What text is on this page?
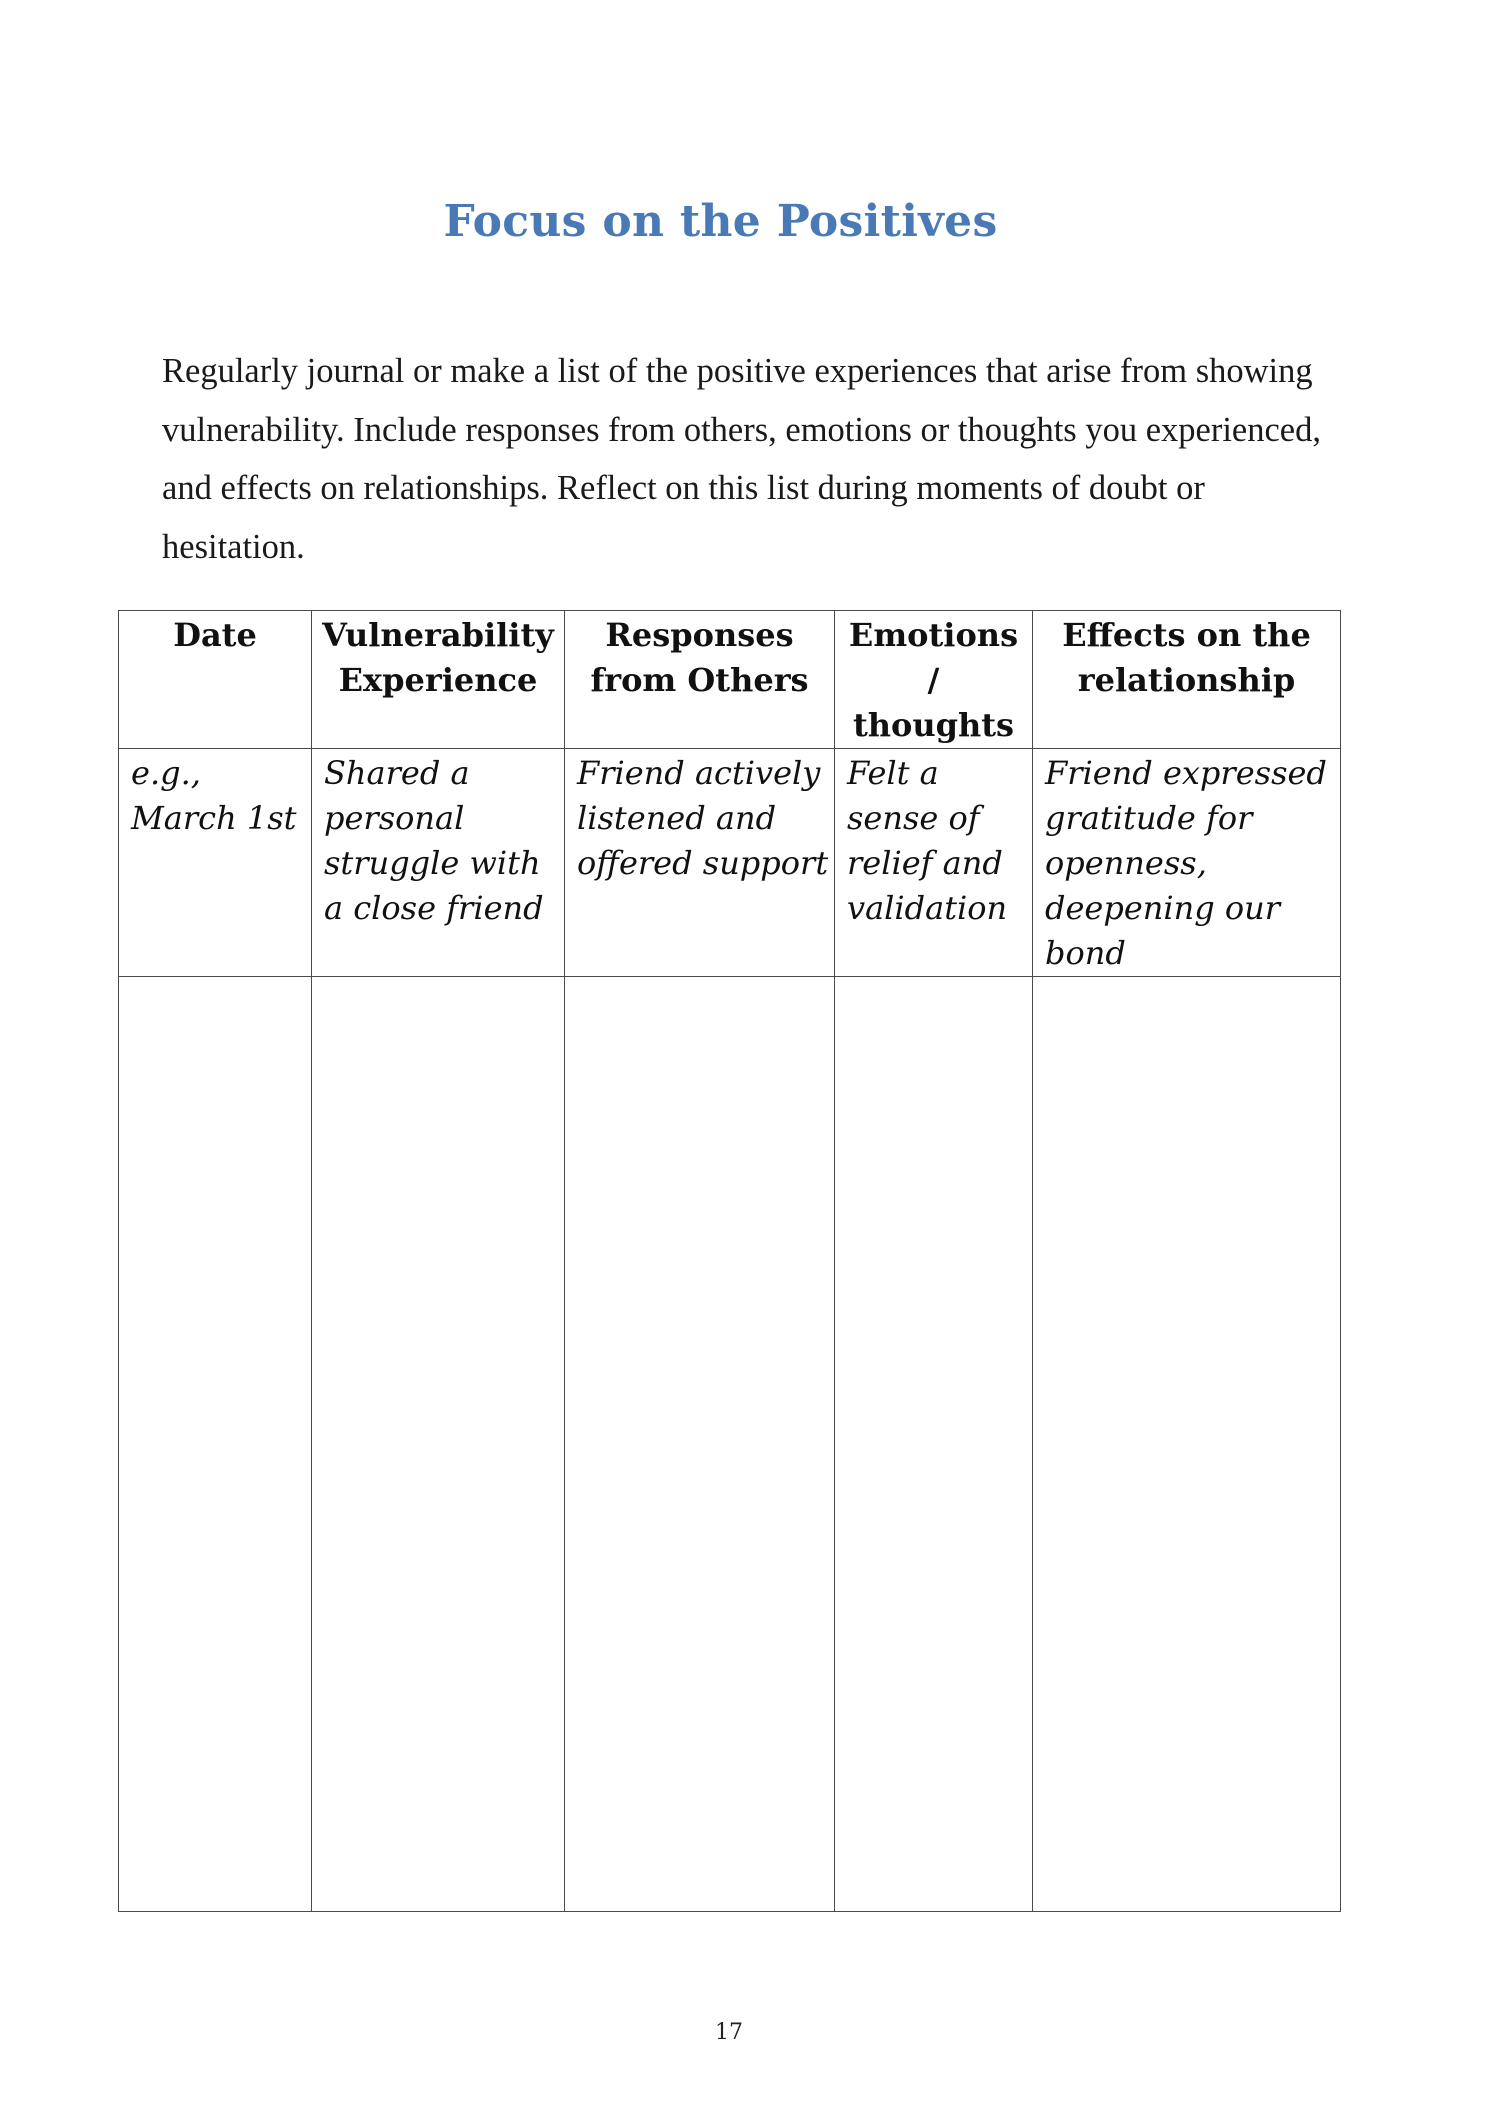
Focus on the Positives

Regularly journal or make a list of the positive experiences that arise from showing vulnerability. Include responses from others, emotions or thoughts you experienced, and effects on relationships. Reflect on this list during moments of doubt or hesitation.

Date	Vulnerability Experience	Responses from Others	Emotions / thoughts	Effects on the relationship
e.g., March 1st	Shared a personal struggle with a close friend	Friend actively listened and offered support	Felt a sense of relief and validation	Friend expressed gratitude for openness, deepening our bond

17
